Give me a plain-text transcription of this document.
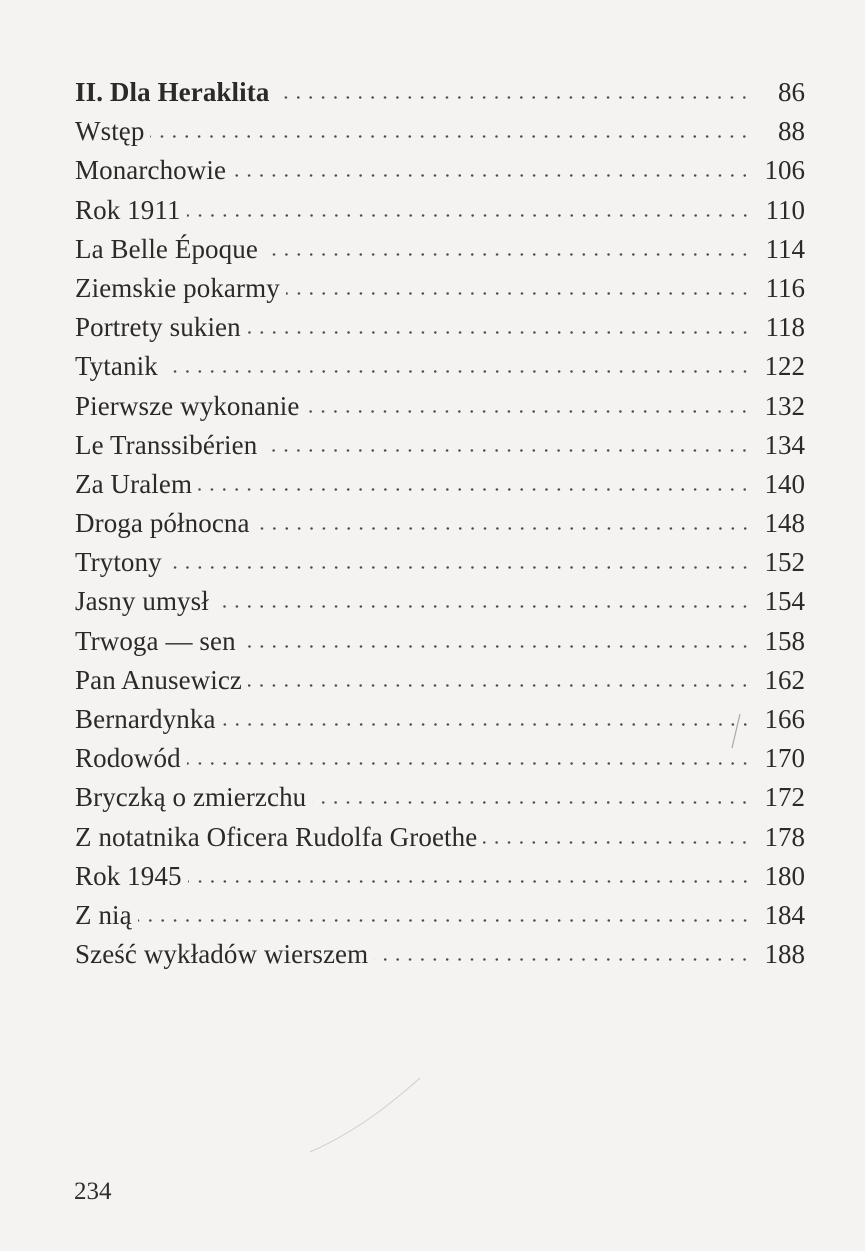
II. Dla Heraklita	86
Wstęp	88
Monarchowie	106
Rok 1911	110
La Belle Époque	114
Ziemskie pokarmy	116
Portrety sukien	118
Tytanik	122
Pierwsze wykonanie	132
Le Transsibérien	134
Za Uralem	140
Droga północna	148
Trytony	152
Jasny umysł	154
Trwoga — sen	158
Pan Anusewicz	162
Bernardynka	166
Rodowód	170
Bryczką o zmierzchu	172
Z notatnika Oficera Rudolfa Groethe	178
Rok 1945	180
Z nią	184
Sześć wykładów wierszem	188
234
